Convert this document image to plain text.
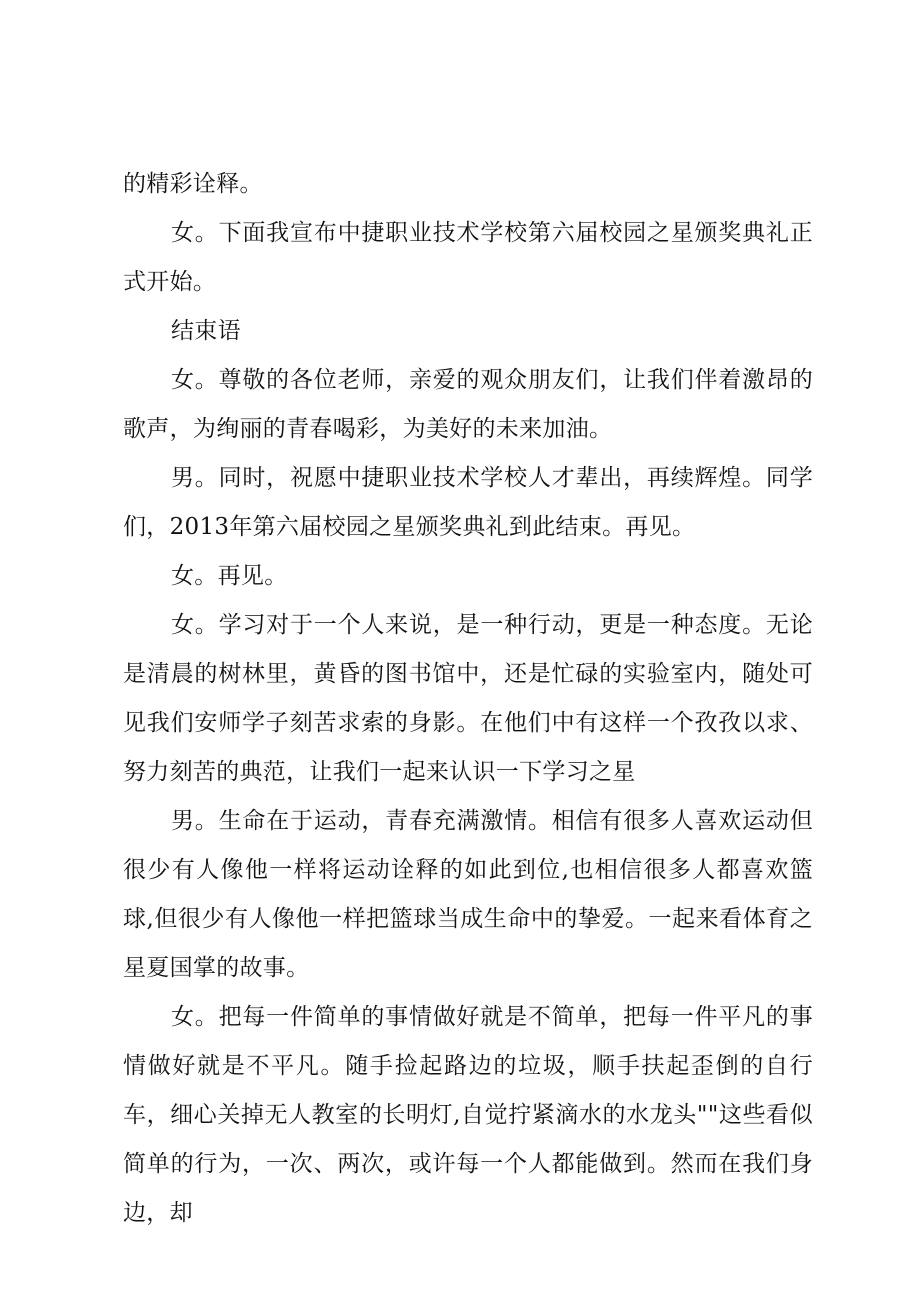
的精彩诠释。

女。下面我宣布中捷职业技术学校第六届校园之星颁奖典礼正式开始。

结束语

女。尊敬的各位老师，亲爱的观众朋友们，让我们伴着激昂的歌声，为绚丽的青春喝彩，为美好的未来加油。

男。同时，祝愿中捷职业技术学校人才辈出，再续辉煌。同学们，2013年第六届校园之星颁奖典礼到此结束。再见。

女。再见。

女。学习对于一个人来说，是一种行动，更是一种态度。无论是清晨的树林里，黄昏的图书馆中，还是忙碌的实验室内，随处可见我们安师学子刻苦求索的身影。在他们中有这样一个孜孜以求、努力刻苦的典范，让我们一起来认识一下学习之星

男。生命在于运动，青春充满激情。相信有很多人喜欢运动但很少有人像他一样将运动诠释的如此到位,也相信很多人都喜欢篮球,但很少有人像他一样把篮球当成生命中的挚爱。一起来看体育之星夏国掌的故事。

女。把每一件简单的事情做好就是不简单，把每一件平凡的事情做好就是不平凡。随手捡起路边的垃圾，顺手扶起歪倒的自行车，细心关掉无人教室的长明灯,自觉拧紧滴水的水龙头""这些看似简单的行为，一次、两次，或许每一个人都能做到。然而在我们身边，却
